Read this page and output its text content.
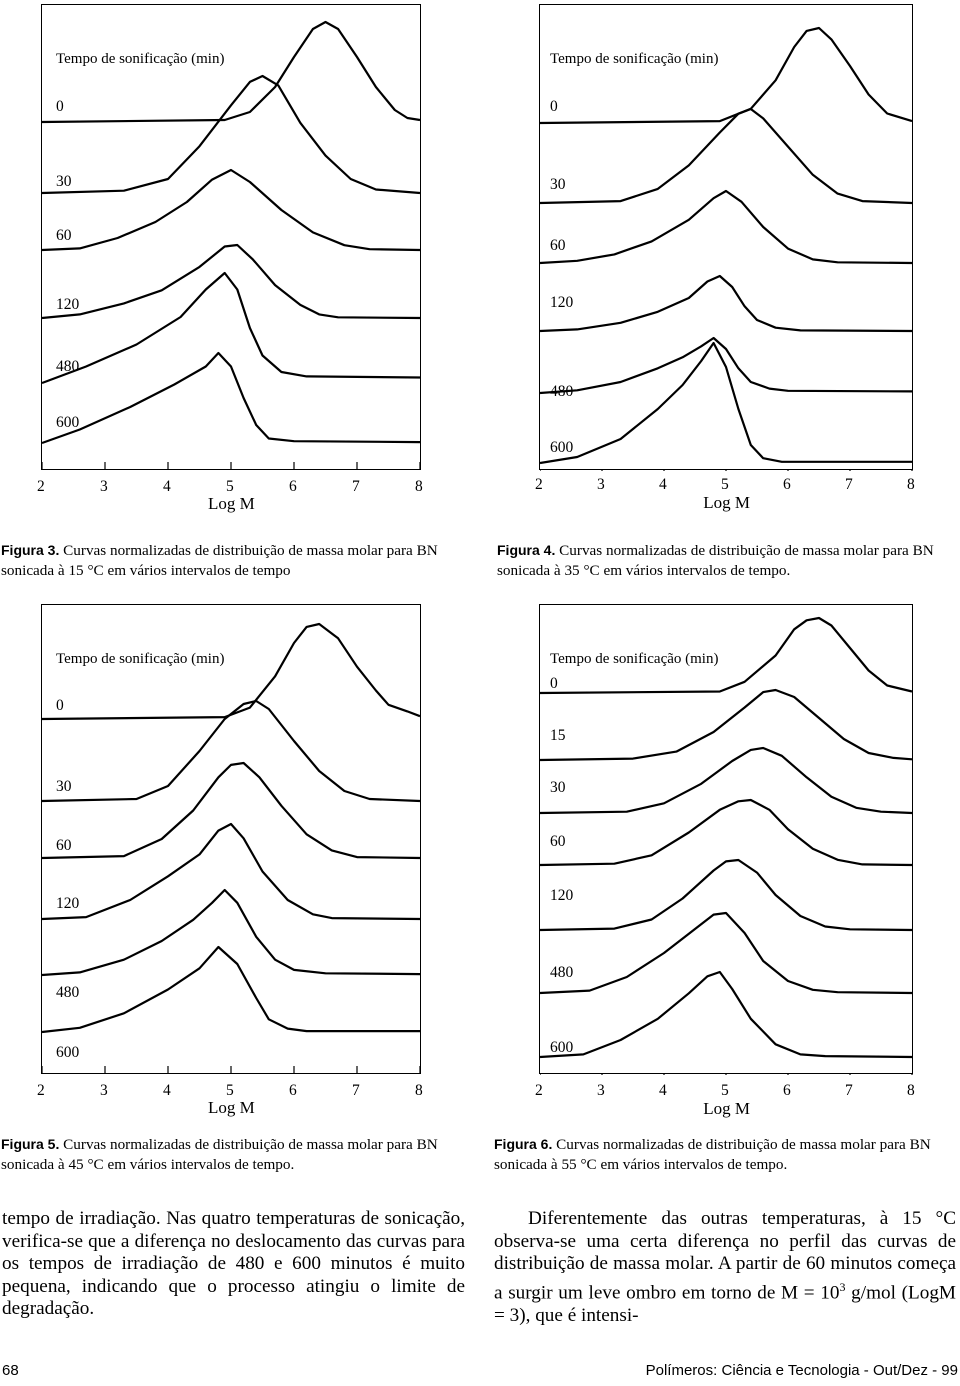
Tempo de sonificação (min)
0
30
60
120
480
600
Tempo de sonificação (min)
0
30
60
120
480
600
Tempo de sonificação (min)
0
30
60
120
480
600
Tempo de sonificação (min)
0
15
30
60
120
480
600
2	3	4	5	6	7	8
Log M
2	3	4	5	6	7	8
Log M
2	3	4	5	6	7	8
Log M
2	3	4	5	6	7	8
Log M
Figura 3. Curvas normalizadas de distribuição de massa molar para BN sonicada à 15 °C em vários intervalos de tempo
Figura 4. Curvas normalizadas de distribuição de massa molar para BN sonicada à 35 °C em vários intervalos de tempo.
Figura 5. Curvas normalizadas de distribuição de massa molar para BN sonicada à 45 °C em vários intervalos de tempo.
Figura 6. Curvas normalizadas de distribuição de massa molar para BN sonicada à 55 °C em vários intervalos de tempo.
tempo de irradiação. Nas quatro temperaturas de sonicação, verifica-se que a diferença no deslocamento das curvas para os tempos de irradiação de 480 e 600 minutos é muito pequena, indicando que o processo atingiu o limite de degradação.
Diferentemente das outras temperaturas, à 15 °C observa-se uma certa diferença no perfil das curvas de distribuição de massa molar. A partir de 60 minutos começa a surgir um leve ombro em torno de $M = 10^3$ g/mol (LogM = 3), que é intensi-
68	Polímeros: Ciência e Tecnologia - Out/Dez - 99
